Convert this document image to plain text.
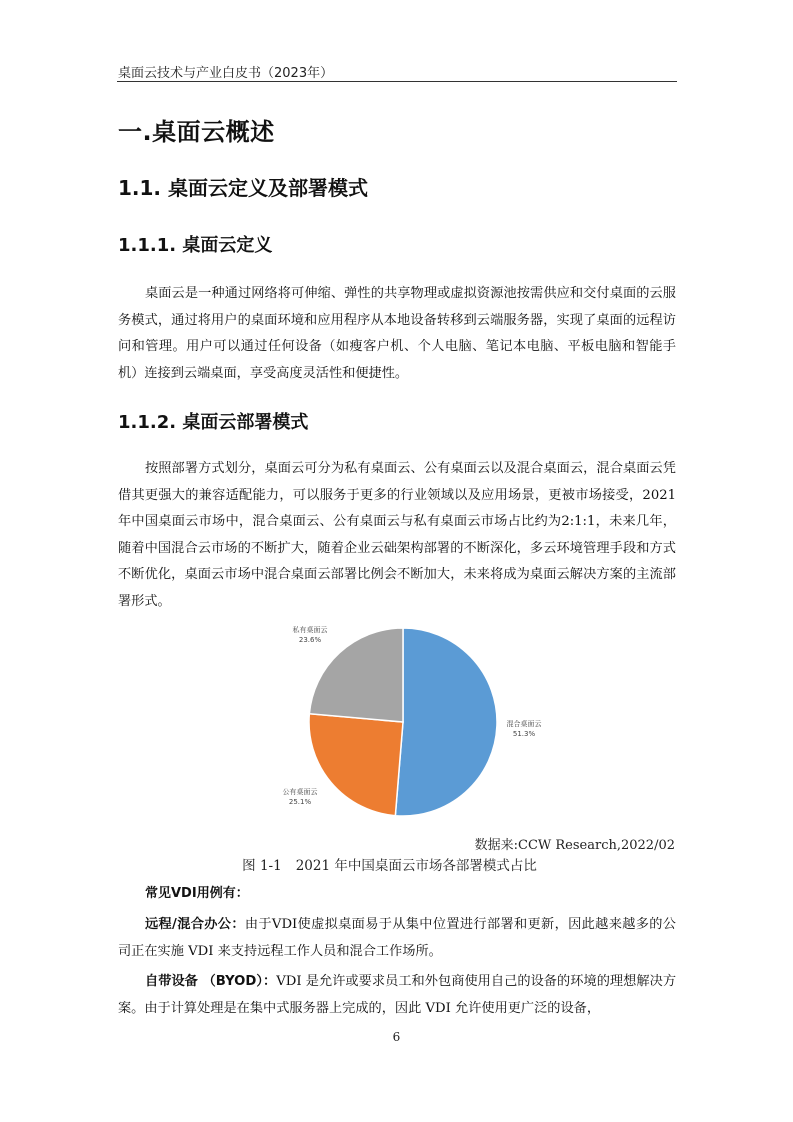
桌面云技术与产业白皮书（2023年）
一.桌面云概述
1.1. 桌面云定义及部署模式
1.1.1. 桌面云定义

桌面云是一种通过网络将可伸缩、弹性的共享物理或虚拟资源池按需供应和交付桌面的云服务模式，通过将用户的桌面环境和应用程序从本地设备转移到云端服务器，实现了桌面的远程访问和管理。用户可以通过任何设备（如瘦客户机、个人电脑、笔记本电脑、平板电脑和智能手机）连接到云端桌面，享受高度灵活性和便捷性。

1.1.2. 桌面云部署模式

按照部署方式划分，桌面云可分为私有桌面云、公有桌面云以及混合桌面云，混合桌面云凭借其更强大的兼容适配能力，可以服务于更多的行业领域以及应用场景，更被市场接受，2021年中国桌面云市场中，混合桌面云、公有桌面云与私有桌面云市场占比约为2:1:1，未来几年，随着中国混合云市场的不断扩大，随着企业云础架构部署的不断深化，多云环境管理手段和方式不断优化，桌面云市场中混合桌面云部署比例会不断加大，未来将成为桌面云解决方案的主流部署形式。

混合桌面云
51.3%
公有桌面云
25.1%
私有桌面云
23.6%
数据来:CCW Research,2022/02
图 1-1 2021 年中国桌面云市场各部署模式占比
常见VDI用例有：

远程/混合办公：由于VDI使虚拟桌面易于从集中位置进行部署和更新，因此越来越多的公司正在实施 VDI 来支持远程工作人员和混合工作场所。

自带设备 （BYOD）：VDI 是允许或要求员工和外包商使用自己的设备的环境的理想解决方案。由于计算处理是在集中式服务器上完成的，因此 VDI 允许使用更广泛的设备，

6
